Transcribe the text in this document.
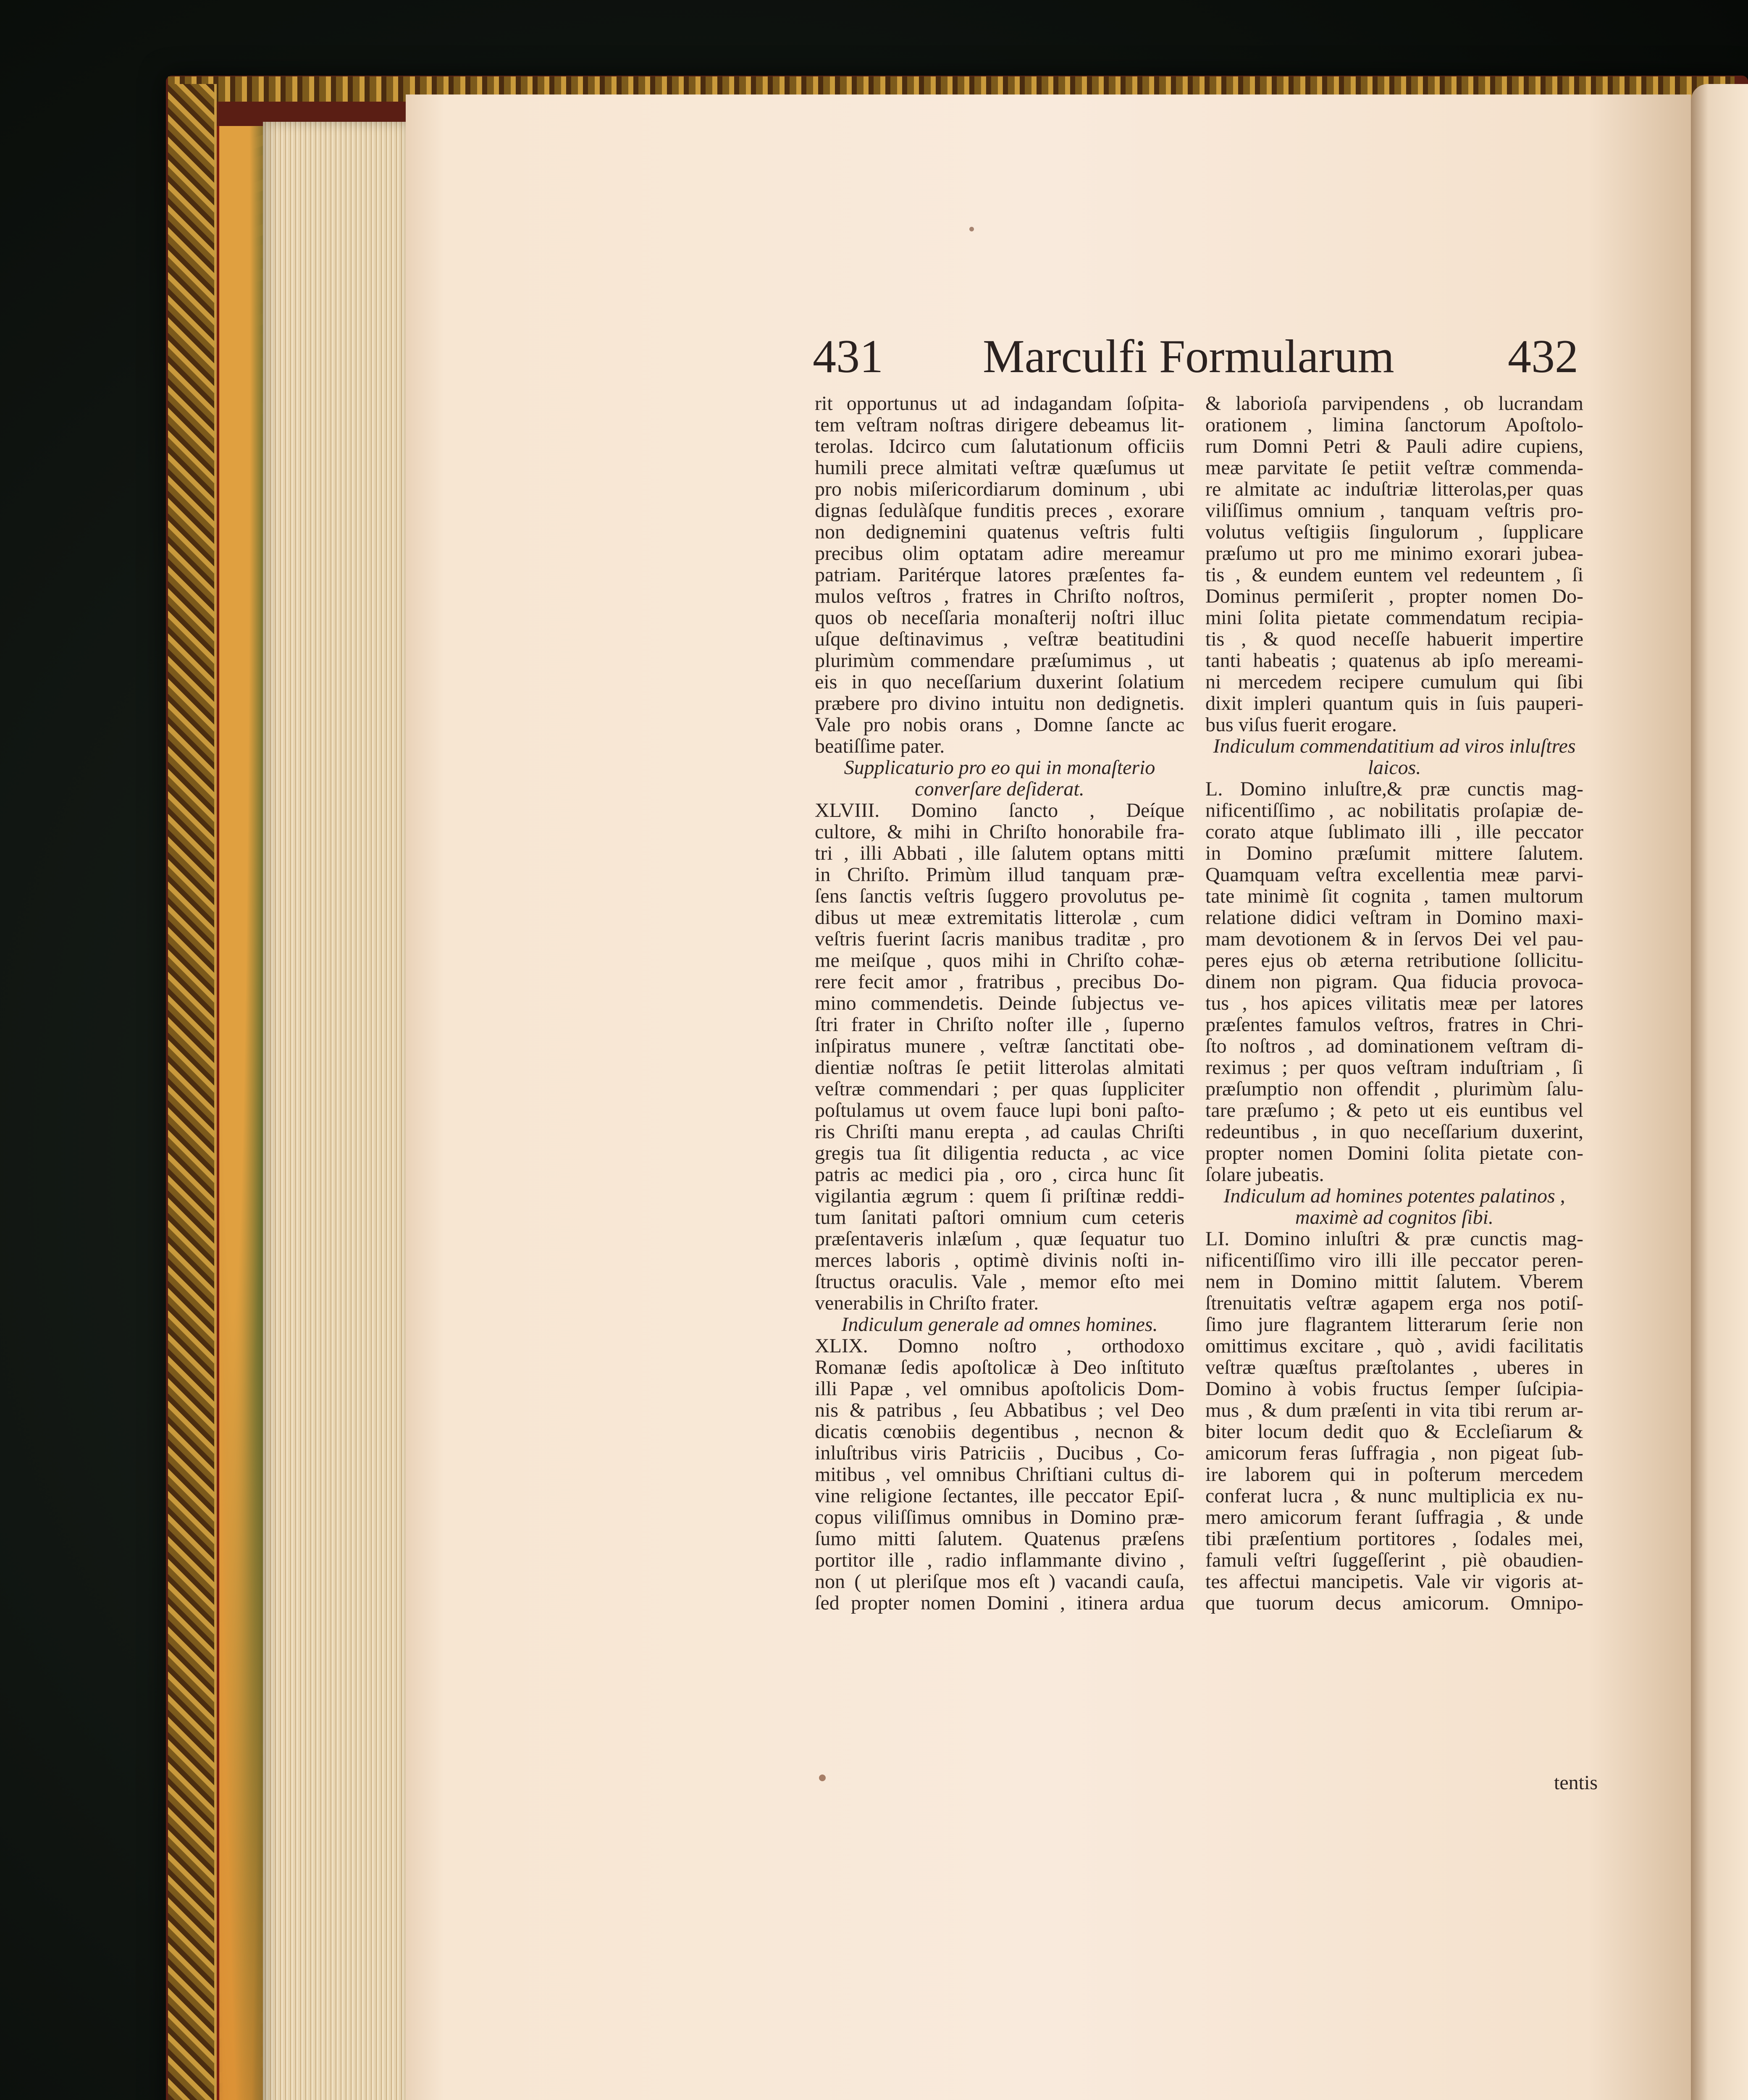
431 Marculfi Formularum 432
rit opportunus ut ad indagandam ſoſpita-
tem veſtram noſtras dirigere debeamus lit-
terolas. Idcirco cum ſalutationum officiis
humili prece almitati veſtræ quæſumus ut
pro nobis miſericordiarum dominum , ubi
dignas ſedulàſque funditis preces , exorare
non dedignemini quatenus veſtris fulti
precibus olim optatam adire mereamur
patriam. Paritérque latores præſentes fa-
mulos veſtros , fratres in Chriſto noſtros,
quos ob neceſſaria monaſterij noſtri illuc
uſque deſtinavimus , veſtræ beatitudini
plurimùm commendare præſumimus , ut
eis in quo neceſſarium duxerint ſolatium
præbere pro divino intuitu non dedignetis.
Vale pro nobis orans , Domne ſancte ac
beatiſſime pater.
Supplicaturio pro eo qui in monaſterio
converſare deſiderat.
XLVIII. Domino ſancto , Deíque
cultore, & mihi in Chriſto honorabile fra-
tri , illi Abbati , ille ſalutem optans mitti
in Chriſto. Primùm illud tanquam præ-
ſens ſanctis veſtris ſuggero provolutus pe-
dibus ut meæ extremitatis litterolæ , cum
veſtris fuerint ſacris manibus traditæ , pro
me meiſque , quos mihi in Chriſto cohæ-
rere fecit amor , fratribus , precibus Do-
mino commendetis. Deinde ſubjectus ve-
ſtri frater in Chriſto noſter ille , ſuperno
inſpiratus munere , veſtræ ſanctitati obe-
dientiæ noſtras ſe petiit litterolas almitati
veſtræ commendari ; per quas ſuppliciter
poſtulamus ut ovem fauce lupi boni paſto-
ris Chriſti manu erepta , ad caulas Chriſti
gregis tua ſit diligentia reducta , ac vice
patris ac medici pia , oro , circa hunc ſit
vigilantia ægrum : quem ſi priſtinæ reddi-
tum ſanitati paſtori omnium cum ceteris
præſentaveris inlæſum , quæ ſequatur tuo
merces laboris , optimè divinis noſti in-
ſtructus oraculis. Vale , memor eſto mei
venerabilis in Chriſto frater.
Indiculum generale ad omnes homines.
XLIX. Domno noſtro , orthodoxo
Romanæ ſedis apoſtolicæ à Deo inſtituto
illi Papæ , vel omnibus apoſtolicis Dom-
nis & patribus , ſeu Abbatibus ; vel Deo
dicatis cœnobiis degentibus , necnon &
inluſtribus viris Patriciis , Ducibus , Co-
mitibus , vel omnibus Chriſtiani cultus di-
vine religione ſectantes, ille peccator Epiſ-
copus viliſſimus omnibus in Domino præ-
ſumo mitti ſalutem. Quatenus præſens
portitor ille , radio inflammante divino ,
non ( ut pleriſque mos eſt ) vacandi cauſa,
ſed propter nomen Domini , itinera ardua
& laborioſa parvipendens , ob lucrandam
orationem , limina ſanctorum Apoſtolo-
rum Domni Petri & Pauli adire cupiens,
meæ parvitate ſe petiit veſtræ commenda-
re almitate ac induſtriæ litterolas,per quas
viliſſimus omnium , tanquam veſtris pro-
volutus veſtigiis ſingulorum , ſupplicare
præſumo ut pro me minimo exorari jubea-
tis , & eundem euntem vel redeuntem , ſi
Dominus permiſerit , propter nomen Do-
mini ſolita pietate commendatum recipia-
tis , & quod neceſſe habuerit impertire
tanti habeatis ; quatenus ab ipſo mereami-
ni mercedem recipere cumulum qui ſibi
dixit impleri quantum quis in ſuis pauperi-
bus viſus fuerit erogare.
Indiculum commendatitium ad viros inluſtres
laicos.
L. Domino inluſtre,& præ cunctis mag-
nificentiſſimo , ac nobilitatis proſapiæ de-
corato atque ſublimato illi , ille peccator
in Domino præſumit mittere ſalutem.
Quamquam veſtra excellentia meæ parvi-
tate minimè ſit cognita , tamen multorum
relatione didici veſtram in Domino maxi-
mam devotionem & in ſervos Dei vel pau-
peres ejus ob æterna retributione ſollicitu-
dinem non pigram. Qua fiducia provoca-
tus , hos apices vilitatis meæ per latores
præſentes famulos veſtros, fratres in Chri-
ſto noſtros , ad dominationem veſtram di-
reximus ; per quos veſtram induſtriam , ſi
præſumptio non offendit , plurimùm ſalu-
tare præſumo ; & peto ut eis euntibus vel
redeuntibus , in quo neceſſarium duxerint,
propter nomen Domini ſolita pietate con-
ſolare jubeatis.
Indiculum ad homines potentes palatinos ,
maximè ad cognitos ſibi.
LI. Domino inluſtri & præ cunctis mag-
nificentiſſimo viro illi ille peccator peren-
nem in Domino mittit ſalutem. Vberem
ſtrenuitatis veſtræ agapem erga nos potiſ-
ſimo jure flagrantem litterarum ſerie non
omittimus excitare , quò , avidi facilitatis
veſtræ quæſtus præſtolantes , uberes in
Domino à vobis fructus ſemper ſuſcipia-
mus , & dum præſenti in vita tibi rerum ar-
biter locum dedit quo & Eccleſiarum &
amicorum feras ſuffragia , non pigeat ſub-
ire laborem qui in poſterum mercedem
conferat lucra , & nunc multiplicia ex nu-
mero amicorum ferant ſuffragia , & unde
tibi præſentium portitores , ſodales mei,
famuli veſtri ſuggeſſerint , piè obaudien-
tes affectui mancipetis. Vale vir vigoris at-
que tuorum decus amicorum. Omnipo-
tentis
